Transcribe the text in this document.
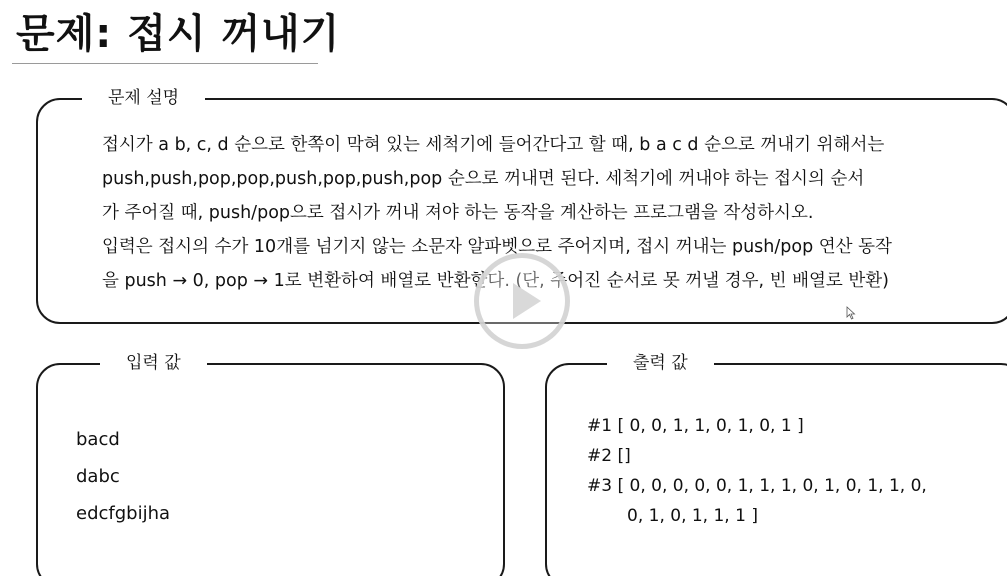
문제: 접시 꺼내기
문제 설명
접시가 a b, c, d 순으로 한쪽이 막혀 있는 세척기에 들어간다고 할 때, b a c d 순으로 꺼내기 위해서는
push,push,pop,pop,push,pop,push,pop 순으로 꺼내면 된다. 세척기에 꺼내야 하는 접시의 순서
가 주어질 때, push/pop으로 접시가 꺼내 져야 하는 동작을 계산하는 프로그램을 작성하시오.
입력은 접시의 수가 10개를 넘기지 않는 소문자 알파벳으로 주어지며, 접시 꺼내는 push/pop 연산 동작
을 push → 0, pop → 1로 변환하여 배열로 반환한다. (단, 주어진 순서로 못 꺼낼 경우, 빈 배열로 반환)
입력 값
bacd
dabc
edcfgbijha
출력 값
#1 [ 0, 0, 1, 1, 0, 1, 0, 1 ]
#2 []
#3 [ 0, 0, 0, 0, 0, 1, 1, 1, 0, 1, 0, 1, 1, 0,
0, 1, 0, 1, 1, 1 ]
